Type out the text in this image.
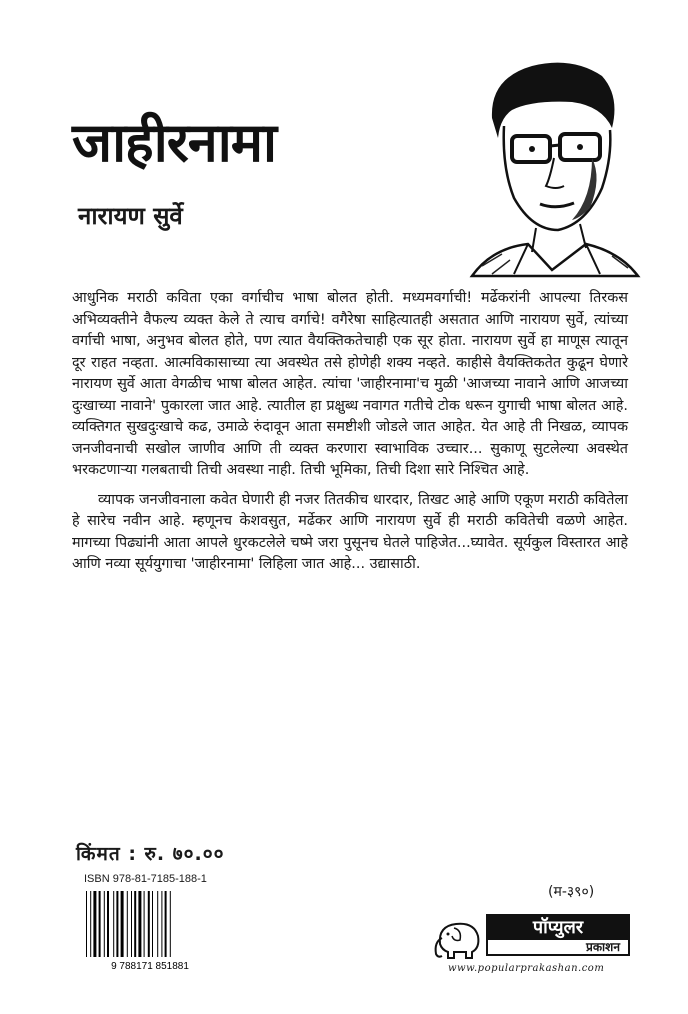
जाहीरनामा
नारायण सुर्वे

आधुनिक मराठी कविता एका वर्गाचीच भाषा बोलत होती. मध्यमवर्गाची! मर्ढेकरांनी आपल्या तिरकस अभिव्यक्तीने वैफल्य व्यक्त केले ते त्याच वर्गाचे! वगैरेषा साहित्यातही असतात आणि नारायण सुर्वे, त्यांच्या वर्गाची भाषा, अनुभव बोलत होते, पण त्यात वैयक्तिकतेचाही एक सूर होता. नारायण सुर्वे हा माणूस त्यातून दूर राहत नव्हता. आत्मविकासाच्या त्या अवस्थेत तसे होणेही शक्य नव्हते. काहीसे वैयक्तिकतेत कुढून घेणारे नारायण सुर्वे आता वेगळीच भाषा बोलत आहेत. त्यांचा 'जाहीरनामा'च मुळी 'आजच्या नावाने आणि आजच्या दुःखाच्या नावाने' पुकारला जात आहे. त्यातील हा प्रक्षुब्ध नवागत गतीचे टोक धरून युगाची भाषा बोलत आहे. व्यक्तिगत सुखदुःखाचे कढ, उमाळे रुंदावून आता समष्टीशी जोडले जात आहेत. येत आहे ती निखळ, व्यापक जनजीवनाची सखोल जाणीव आणि ती व्यक्त करणारा स्वाभाविक उच्चार... सुकाणू सुटलेल्या अवस्थेत भरकटणाऱ्या गलबताची तिची अवस्था नाही. तिची भूमिका, तिची दिशा सारे निश्चित आहे.

व्यापक जनजीवनाला कवेत घेणारी ही नजर तितकीच धारदार, तिखट आहे आणि एकूण मराठी कवितेला हे सारेच नवीन आहे. म्हणूनच केशवसुत, मर्ढेकर आणि नारायण सुर्वे ही मराठी कवितेची वळणे आहेत. मागच्या पिढ्यांनी आता आपले धुरकटलेले चष्मे जरा पुसूनच घेतले पाहिजेत...घ्यावेत. सूर्यकुल विस्तारत आहे आणि नव्या सूर्ययुगाचा 'जाहीरनामा' लिहिला जात आहे... उद्यासाठी.

किंमत : रु. ७०.००
ISBN 978-81-7185-188-1
9 788171 851881
(म-३९०)
पॉप्युलर
प्रकाशन
www.popularprakashan.com
